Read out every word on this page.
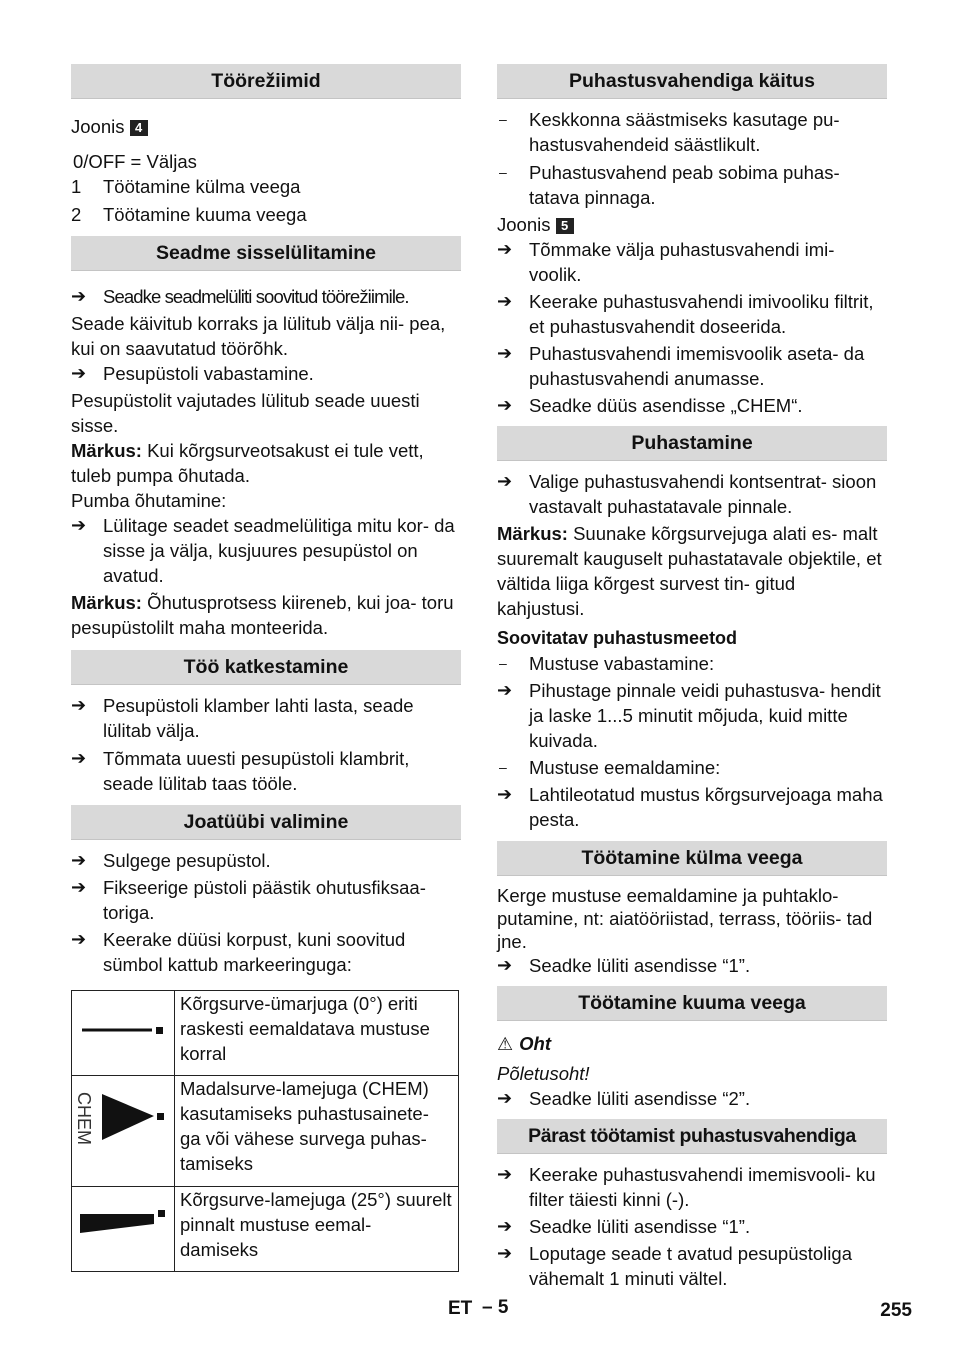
Töörežiimid
Joonis 4
0/OFF = Väljas
1 Töötamine külma veega
2 Töötamine kuuma veega
Seadme sisselülitamine
➔ Seadke seadmelüliti soovitud töörežiimile.
Seade käivitub korraks ja lülitub välja nii- pea, kui on saavutatud töörõhk.
➔ Pesupüstoli vabastamine.
Pesupüstolit vajutades lülitub seade uuesti sisse.
Märkus: Kui kõrgsurveotsakust ei tule vett, tuleb pumpa õhutada.
Pumba õhutamine:
➔ Lülitage seadet seadmelülitiga mitu kor- da sisse ja välja, kusjuures pesupüstol on avatud.
Märkus: Õhutusprotsess kiireneb, kui joa- toru pesupüstolilt maha monteerida.
Töö katkestamine
➔ Pesupüstoli klamber lahti lasta, seade lülitab välja.
➔ Tõmmata uuesti pesupüstoli klambrit, seade lülitab taas tööle.
Joatüübi valimine
➔ Sulgege pesupüstol.
➔ Fikseerige püstoli päästik ohutusfiksaa- toriga.
➔ Keerake düüsi korpust, kuni soovitud sümbol kattub markeeringuga:
	Kõrgsurve-ümarjuga (0°) eriti raskesti eemaldatava mustuse korral

CHEM	Madalsurve-lamejuga (CHEM) kasutamiseks puhastusainete- ga või vähese survega puhas- tamiseks
	Kõrgsurve-lamejuga (25°) suurelt pinnalt mustuse eemal- damiseks
Puhastusvahendiga käitus
–	Keskkonna säästmiseks kasutage pu- hastusvahendeid säästlikult.
–	Puhastusvahend peab sobima puhas- tatava pinnaga.
Joonis 5
➔ Tõmmake välja puhastusvahendi imi- voolik.
➔ Keerake puhastusvahendi imivooliku filtrit, et puhastusvahendit doseerida.
➔ Puhastusvahendi imemisvoolik aseta- da puhastusvahendi anumasse.
➔ Seadke düüs asendisse „CHEM“.
Puhastamine
➔ Valige puhastusvahendi kontsentrat- sioon vastavalt puhastatavale pinnale.
Märkus: Suunake kõrgsurvejuga alati es- malt suuremalt kauguselt puhastatavale objektile, et vältida liiga kõrgest survest tin- gitud kahjustusi.
Soovitatav puhastusmeetod
–	Mustuse vabastamine:
➔ Pihustage pinnale veidi puhastusva- hendit ja laske 1...5 minutit mõjuda, kuid mitte kuivada.
–	Mustuse eemaldamine:
➔ Lahtileotatud mustus kõrgsurvejoaga maha pesta.
Töötamine külma veega
Kerge mustuse eemaldamine ja puhtaklo- putamine, nt: aiatööriistad, terrass, tööriis- tad jne.
➔ Seadke lüliti asendisse “1”.
Töötamine kuuma veega
⚠ Oht
Põletusoht!
➔ Seadke lüliti asendisse “2”.
Pärast töötamist puhastusvahendiga
➔ Keerake puhastusvahendi imemisvooli- ku filter täiesti kinni (-).
➔ Seadke lüliti asendisse “1”.
➔ Loputage seade t avatud pesupüstoliga vähemalt 1 minuti vältel.
ET – 5	255
